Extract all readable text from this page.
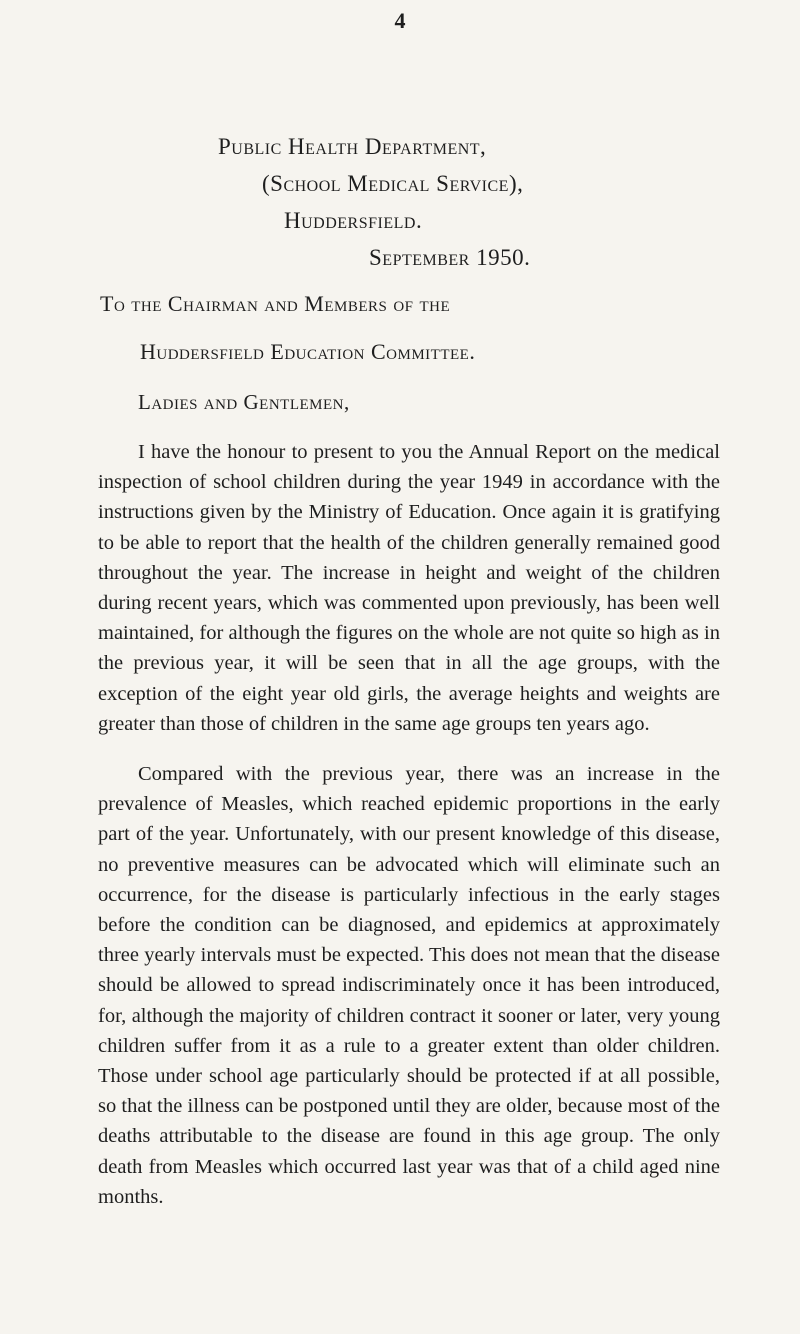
4
Public Health Department,
(School Medical Service),
Huddersfield.
September 1950.
To the Chairman and Members of the
Huddersfield Education Committee.
Ladies and Gentlemen,

I have the honour to present to you the Annual Report on the medical inspection of school children during the year 1949 in accordance with the instructions given by the Ministry of Education. Once again it is gratifying to be able to report that the health of the children generally remained good throughout the year. The increase in height and weight of the children during recent years, which was commented upon previously, has been well maintained, for although the figures on the whole are not quite so high as in the previous year, it will be seen that in all the age groups, with the exception of the eight year old girls, the average heights and weights are greater than those of children in the same age groups ten years ago.

Compared with the previous year, there was an increase in the prevalence of Measles, which reached epidemic proportions in the early part of the year. Unfortunately, with our present knowledge of this disease, no preventive measures can be advocated which will eliminate such an occurrence, for the disease is particularly infectious in the early stages before the condition can be diagnosed, and epidemics at approximately three yearly intervals must be expected. This does not mean that the disease should be allowed to spread indiscriminately once it has been introduced, for, although the majority of children contract it sooner or later, very young children suffer from it as a rule to a greater extent than older children. Those under school age particularly should be protected if at all possible, so that the illness can be postponed until they are older, because most of the deaths attributable to the disease are found in this age group. The only death from Measles which occurred last year was that of a child aged nine months.
